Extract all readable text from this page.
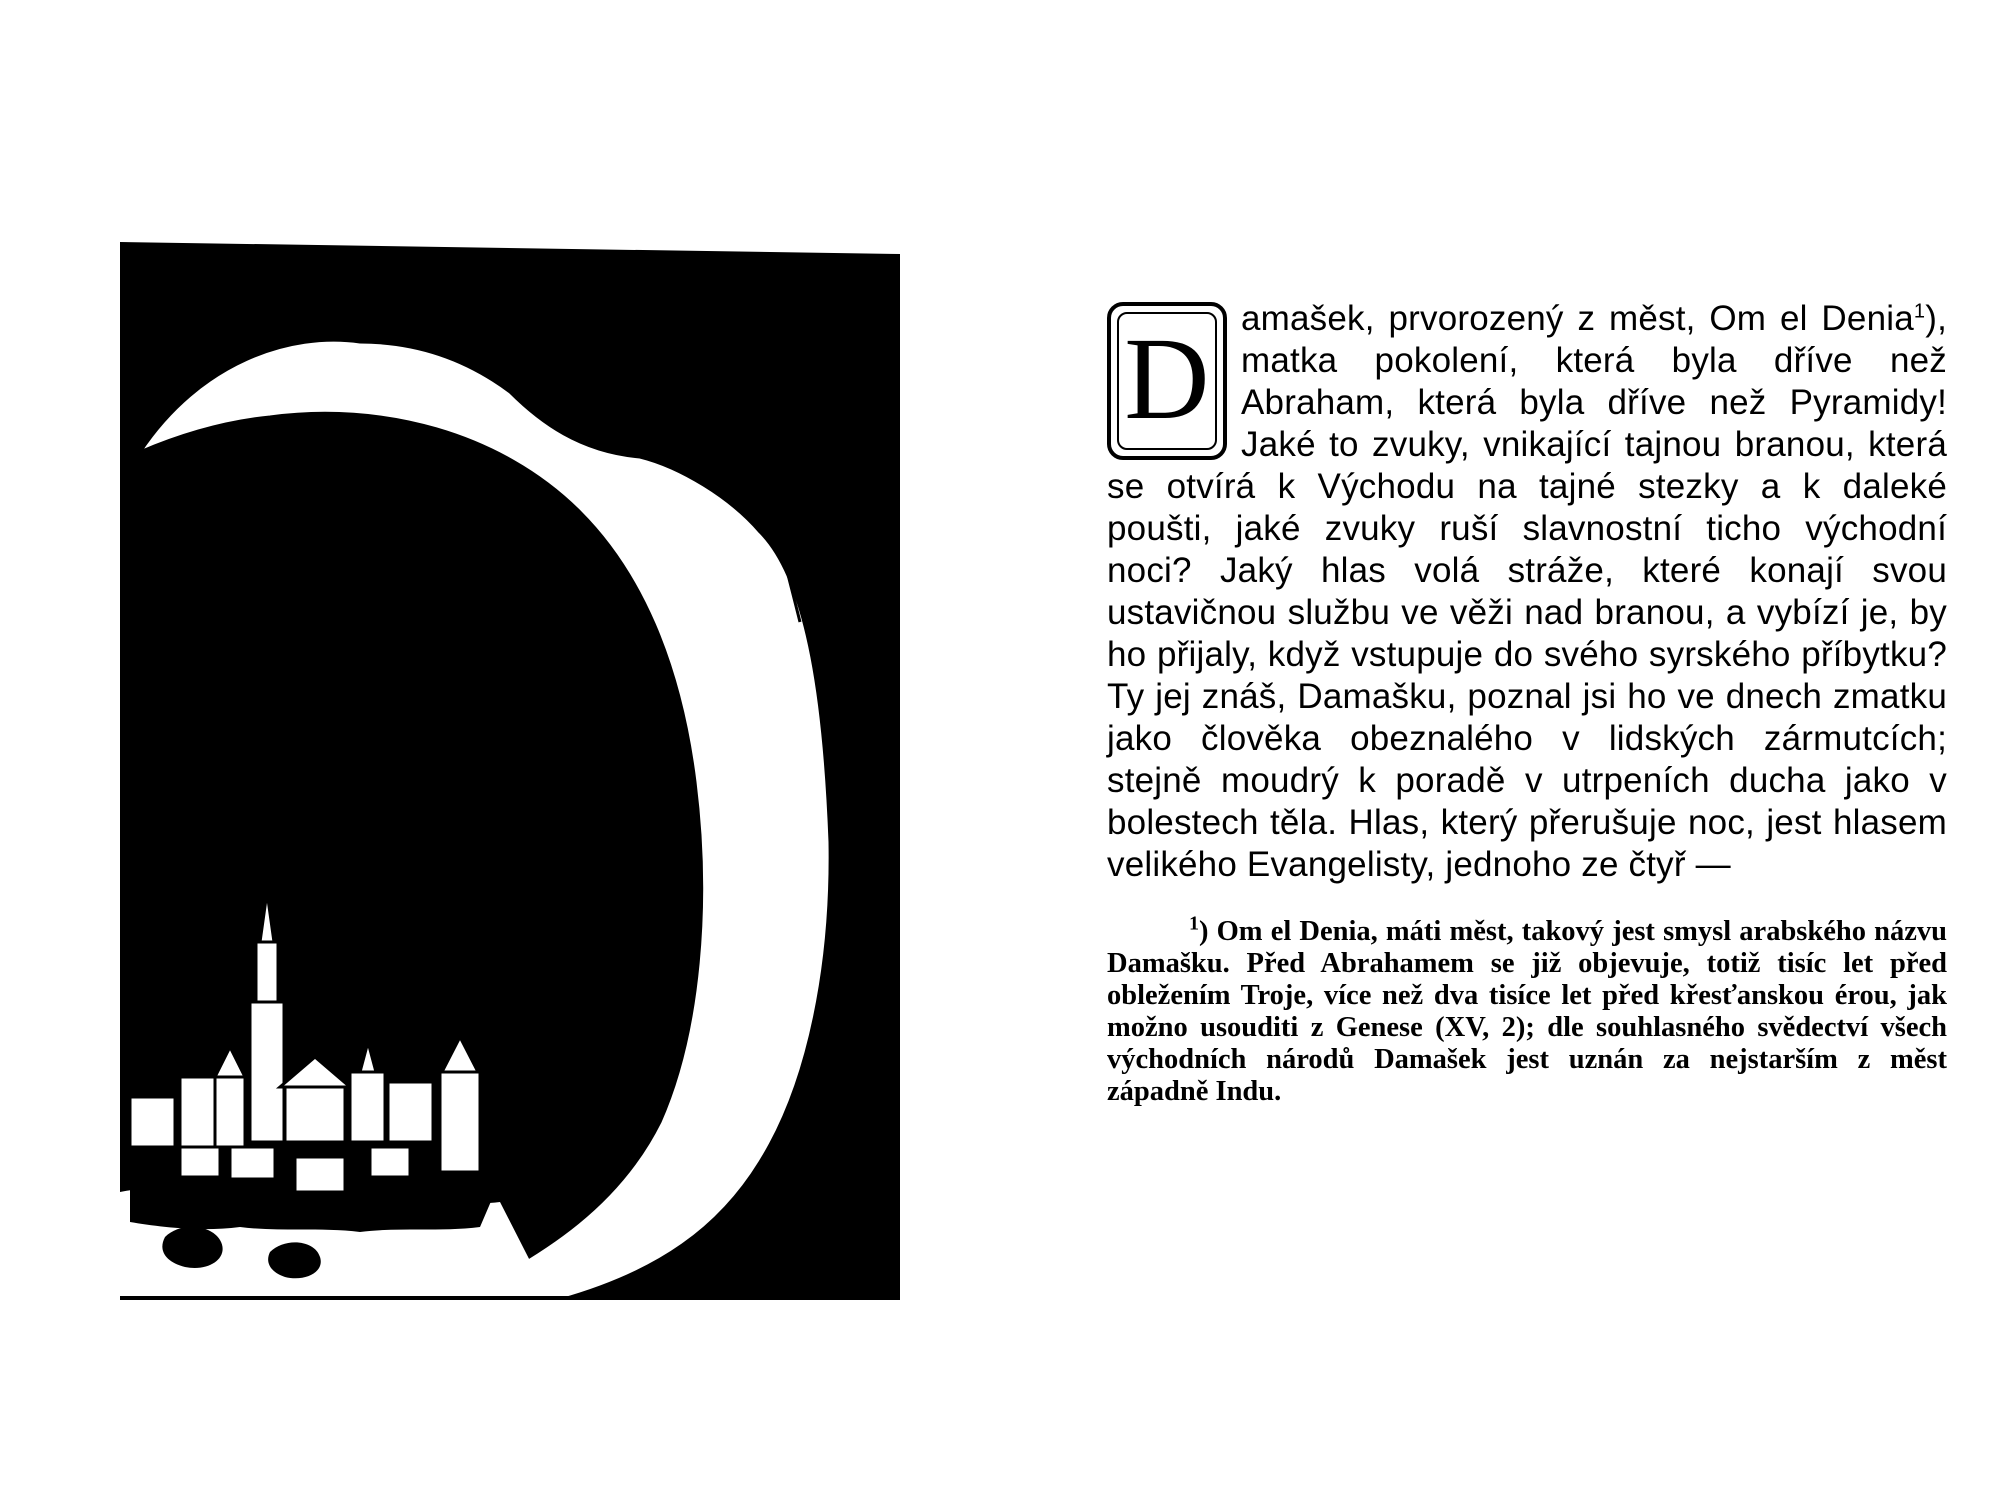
William T
Horton

D amašek, prvorozený z měst, Om el Denia$^1$), matka pokolení, která byla dříve než Abraham, která byla dříve než Pyramidy! Jaké to zvuky, vnikající tajnou branou, která se otvírá k Východu na tajné stezky a k daleké poušti, jaké zvuky ruší slavnostní ticho východní noci? Jaký hlas volá stráže, které konají svou ustavičnou službu ve věži nad branou, a vybízí je, by ho přijaly, když vstupuje do svého syrského příbytku? Ty jej znáš, Damašku, poznal jsi ho ve dnech zmatku jako člověka obeznalého v lidských zármutcích; stejně moudrý k poradě v utrpeních ducha jako v bolestech těla. Hlas, který přerušuje noc, jest hlasem velikého Evangelisty, jednoho ze čtyř —

$^1$) Om el Denia, máti měst, takový jest smysl arabského názvu Damašku. Před Abrahamem se již objevuje, totiž tisíc let před obležením Troje, více než dva tisíce let před křesťanskou érou, jak možno usouditi z Genese (XV, 2); dle souhlasného svědectví všech východních národů Damašek jest uznán za nejstarším z měst západně Indu.
